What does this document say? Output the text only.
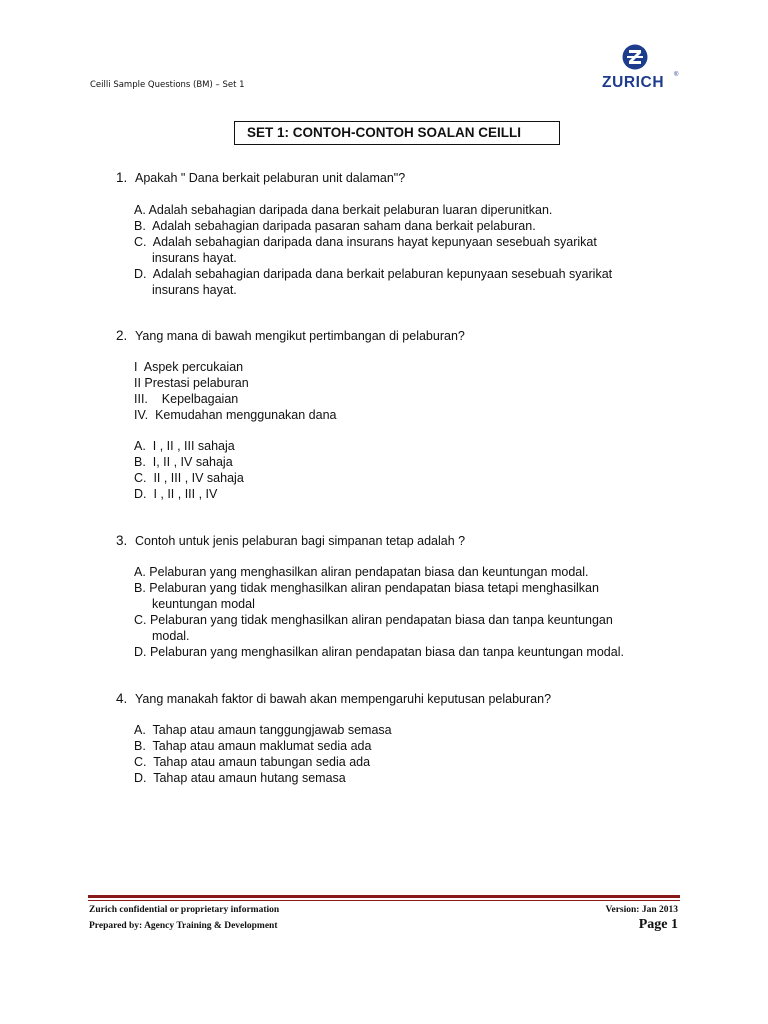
Ceilli Sample Questions (BM) – Set 1	ZURICH ®
SET 1: CONTOH-CONTOH SOALAN CEILLI
1. Apakah " Dana berkait pelaburan unit dalaman"?
A. Adalah sebahagian daripada dana berkait pelaburan luaran diperunitkan.
B.  Adalah sebahagian daripada pasaran saham dana berkait pelaburan.
C.  Adalah sebahagian daripada dana insurans hayat kepunyaan sesebuah syarikat
insurans hayat.
D.  Adalah sebahagian daripada dana berkait pelaburan kepunyaan sesebuah syarikat
insurans hayat.
2. Yang mana di bawah mengikut pertimbangan di pelaburan?
I  Aspek percukaian
II Prestasi pelaburan
III.    Kepelbagaian
IV.  Kemudahan menggunakan dana
A.  I , II , III sahaja
B.  I, II , IV sahaja
C.  II , III , IV sahaja
D.  I , II , III , IV
3. Contoh untuk jenis pelaburan bagi simpanan tetap adalah ?
A. Pelaburan yang menghasilkan aliran pendapatan biasa dan keuntungan modal.
B. Pelaburan yang tidak menghasilkan aliran pendapatan biasa tetapi menghasilkan
keuntungan modal
C. Pelaburan yang tidak menghasilkan aliran pendapatan biasa dan tanpa keuntungan
modal.
D. Pelaburan yang menghasilkan aliran pendapatan biasa dan tanpa keuntungan modal.
4. Yang manakah faktor di bawah akan mempengaruhi keputusan pelaburan?
A.  Tahap atau amaun tanggungjawab semasa
B.  Tahap atau amaun maklumat sedia ada
C.  Tahap atau amaun tabungan sedia ada
D.  Tahap atau amaun hutang semasa
Zurich confidential or proprietary information	Version: Jan 2013
Prepared by: Agency Training & Development	Page 1
